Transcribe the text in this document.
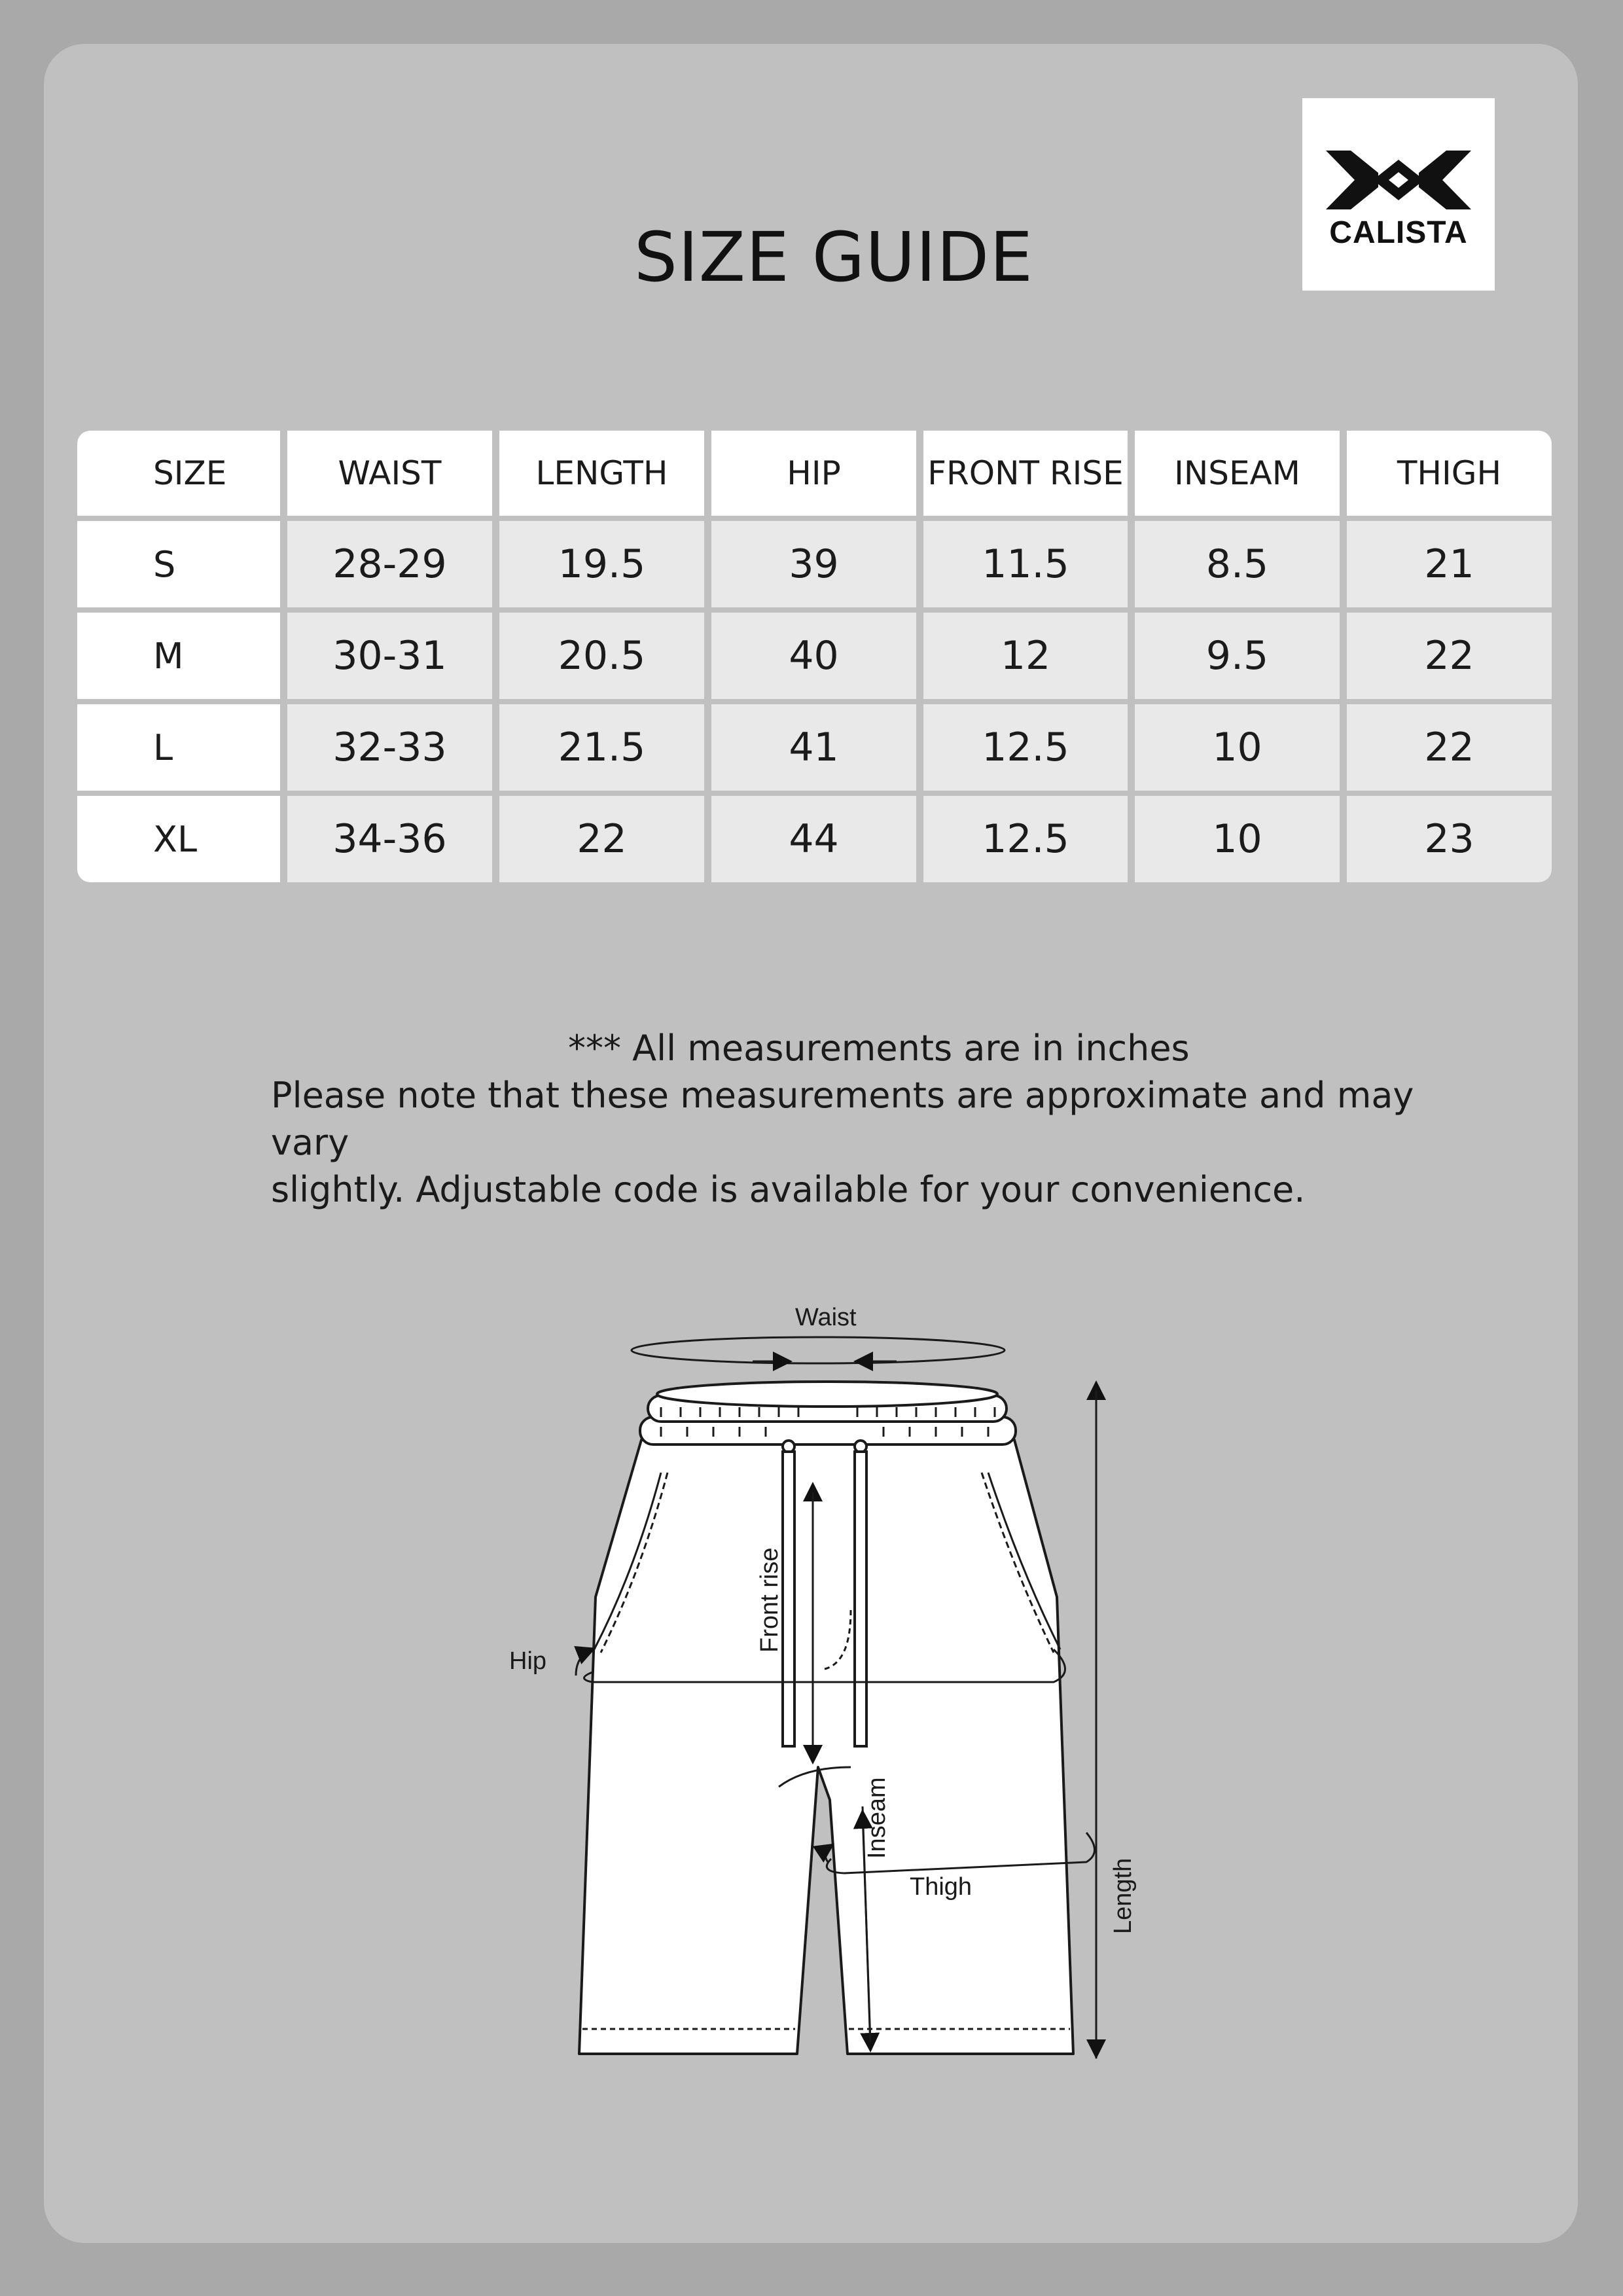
CALISTA
SIZE GUIDE
SIZE	WAIST	LENGTH	HIP	FRONT RISE	INSEAM	THIGH
S	28-29	19.5	39	11.5	8.5	21
M	30-31	20.5	40	12	9.5	22
L	32-33	21.5	41	12.5	10	22
XL	34-36	22	44	12.5	10	23
*** All measurements are in inches
Please note that these measurements are approximate and may vary
slightly. Adjustable code is available for your convenience.
Waist
Hip
Front rise
Inseam
Thigh	Length
